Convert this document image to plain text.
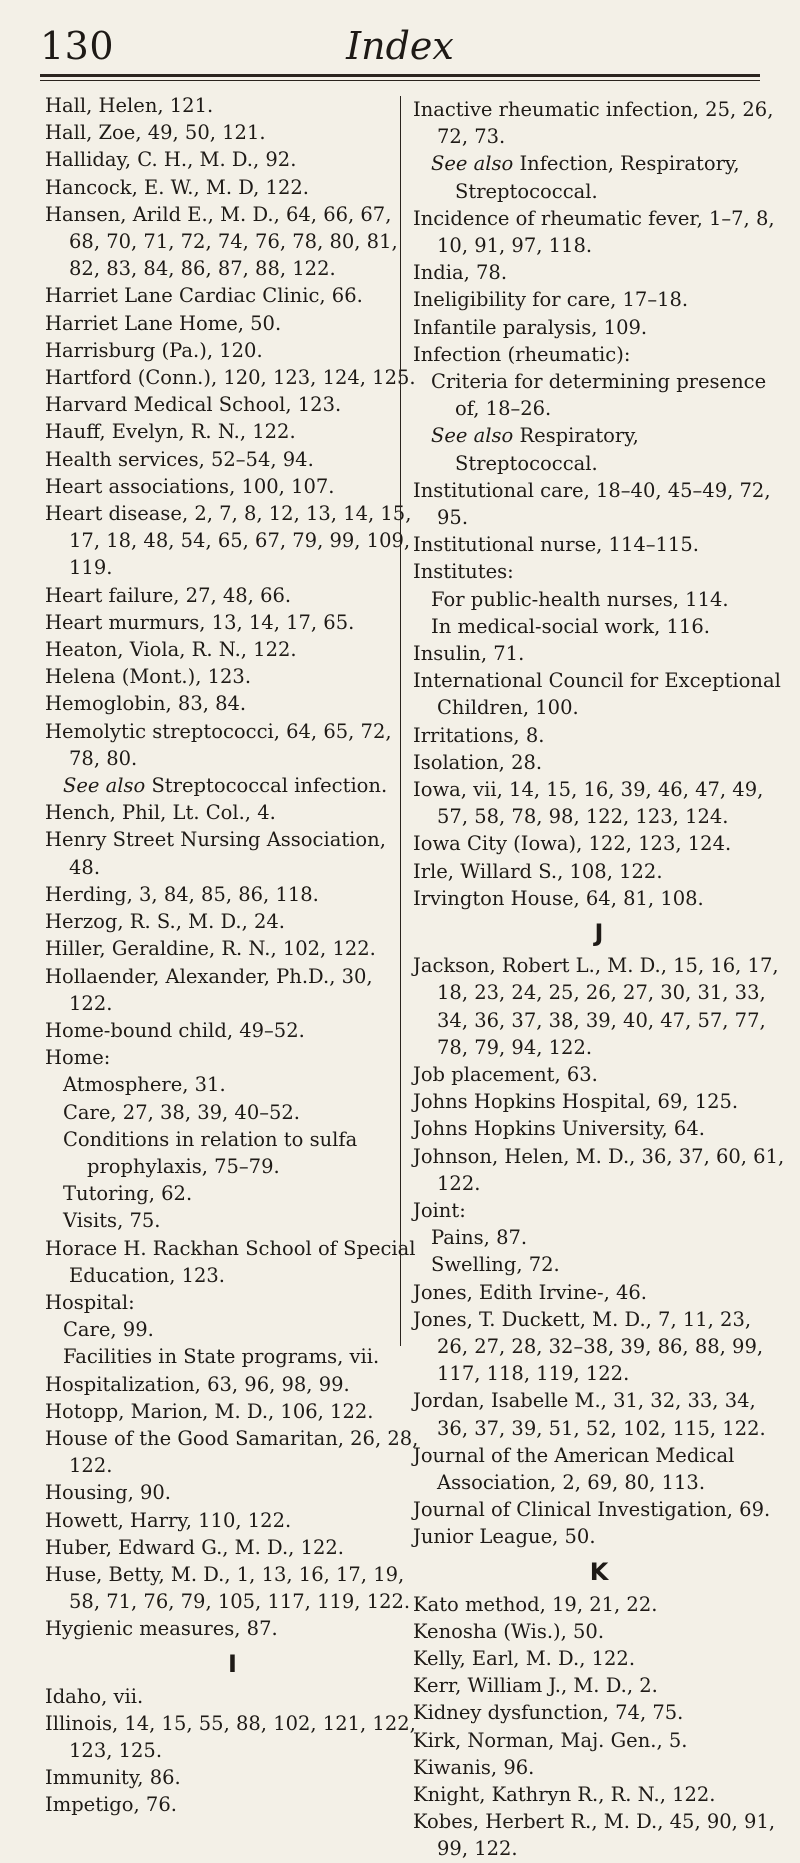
130	Index
Hall, Helen, 121.
Hall, Zoe, 49, 50, 121.
Halliday, C. H., M. D., 92.
Hancock, E. W., M. D, 122.
Hansen, Arild E., M. D., 64, 66, 67, 68, 70, 71, 72, 74, 76, 78, 80, 81, 82, 83, 84, 86, 87, 88, 122.
Harriet Lane Cardiac Clinic, 66.
Harriet Lane Home, 50.
Harrisburg (Pa.), 120.
Hartford (Conn.), 120, 123, 124, 125.
Harvard Medical School, 123.
Hauff, Evelyn, R. N., 122.
Health services, 52–54, 94.
Heart associations, 100, 107.
Heart disease, 2, 7, 8, 12, 13, 14, 15, 17, 18, 48, 54, 65, 67, 79, 99, 109, 119.
Heart failure, 27, 48, 66.
Heart murmurs, 13, 14, 17, 65.
Heaton, Viola, R. N., 122.
Helena (Mont.), 123.
Hemoglobin, 83, 84.
Hemolytic streptococci, 64, 65, 72, 78, 80.
See also Streptococcal infection.
Hench, Phil, Lt. Col., 4.
Henry Street Nursing Association, 48.
Herding, 3, 84, 85, 86, 118.
Herzog, R. S., M. D., 24.
Hiller, Geraldine, R. N., 102, 122.
Hollaender, Alexander, Ph.D., 30, 122.
Home-bound child, 49–52.
Home:
Atmosphere, 31.
Care, 27, 38, 39, 40–52.
Conditions in relation to sulfa prophylaxis, 75–79.
Tutoring, 62.
Visits, 75.
Horace H. Rackhan School of Special Education, 123.
Hospital:
Care, 99.
Facilities in State programs, vii.
Hospitalization, 63, 96, 98, 99.
Hotopp, Marion, M. D., 106, 122.
House of the Good Samaritan, 26, 28, 122.
Housing, 90.
Howett, Harry, 110, 122.
Huber, Edward G., M. D., 122.
Huse, Betty, M. D., 1, 13, 16, 17, 19, 58, 71, 76, 79, 105, 117, 119, 122.
Hygienic measures, 87.
I
Idaho, vii.
Illinois, 14, 15, 55, 88, 102, 121, 122, 123, 125.
Immunity, 86.
Impetigo, 76.
Inactive rheumatic infection, 25, 26, 72, 73.
See also Infection, Respiratory, Streptococcal.
Incidence of rheumatic fever, 1–7, 8, 10, 91, 97, 118.
India, 78.
Ineligibility for care, 17–18.
Infantile paralysis, 109.
Infection (rheumatic):
Criteria for determining presence of, 18–26.
See also Respiratory, Streptococcal.
Institutional care, 18–40, 45–49, 72, 95.
Institutional nurse, 114–115.
Institutes:
For public-health nurses, 114.
In medical-social work, 116.
Insulin, 71.
International Council for Exceptional Children, 100.
Irritations, 8.
Isolation, 28.
Iowa, vii, 14, 15, 16, 39, 46, 47, 49, 57, 58, 78, 98, 122, 123, 124.
Iowa City (Iowa), 122, 123, 124.
Irle, Willard S., 108, 122.
Irvington House, 64, 81, 108.
J
Jackson, Robert L., M. D., 15, 16, 17, 18, 23, 24, 25, 26, 27, 30, 31, 33, 34, 36, 37, 38, 39, 40, 47, 57, 77, 78, 79, 94, 122.
Job placement, 63.
Johns Hopkins Hospital, 69, 125.
Johns Hopkins University, 64.
Johnson, Helen, M. D., 36, 37, 60, 61, 122.
Joint:
Pains, 87.
Swelling, 72.
Jones, Edith Irvine-, 46.
Jones, T. Duckett, M. D., 7, 11, 23, 26, 27, 28, 32–38, 39, 86, 88, 99, 117, 118, 119, 122.
Jordan, Isabelle M., 31, 32, 33, 34, 36, 37, 39, 51, 52, 102, 115, 122.
Journal of the American Medical Association, 2, 69, 80, 113.
Journal of Clinical Investigation, 69.
Junior League, 50.
K
Kato method, 19, 21, 22.
Kenosha (Wis.), 50.
Kelly, Earl, M. D., 122.
Kerr, William J., M. D., 2.
Kidney dysfunction, 74, 75.
Kirk, Norman, Maj. Gen., 5.
Kiwanis, 96.
Knight, Kathryn R., R. N., 122.
Kobes, Herbert R., M. D., 45, 90, 91, 99, 122.
